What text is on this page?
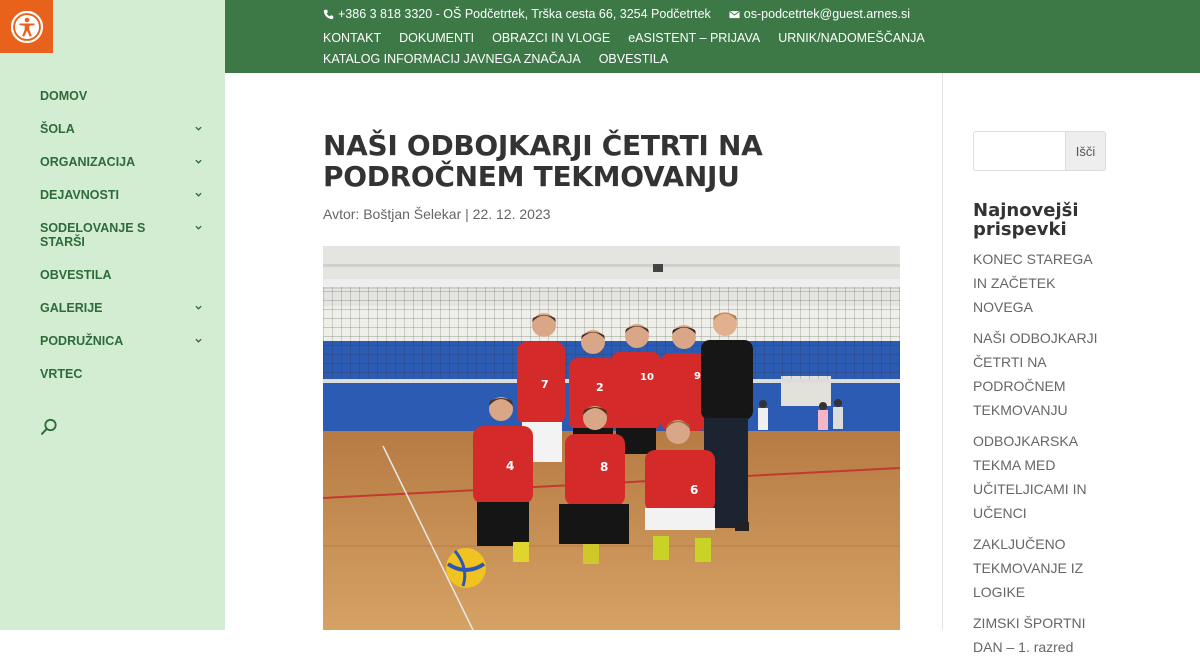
DOMOV
ŠOLA
ORGANIZACIJA
DEJAVNOSTI
SODELOVANJE S STARŠI
OBVESTILA
GALERIJE
PODRUŽNICA
VRTEC
+386 3 818 3320 - OŠ Podčetrtek, Trška cesta 66, 3254 Podčetrtek	os-podcetrtek@guest.arnes.si
KONTAKT DOKUMENTI OBRAZCI IN VLOGE eASISTENT – PRIJAVA URNIK/NADOMEŠČANJA
KATALOG INFORMACIJ JAVNEGA ZNAČAJA OBVESTILA
NAŠI ODBOJKARJI ČETRTI NA PODROČNEM TEKMOVANJU
Avtor: Boštjan Šelekar | 22. 12. 2023
7	2
10	9
4	8
6
Išči
Najnovejši prispevki
KONEC STAREGA IN ZAČETEK NOVEGA
NAŠI ODBOJKARJI ČETRTI NA PODROČNEM TEKMOVANJU
ODBOJKARSKA TEKMA MED UČITELJICAMI IN UČENCI
ZAKLJUČENO TEKMOVANJE IZ LOGIKE
ZIMSKI ŠPORTNI DAN – 1. razred
